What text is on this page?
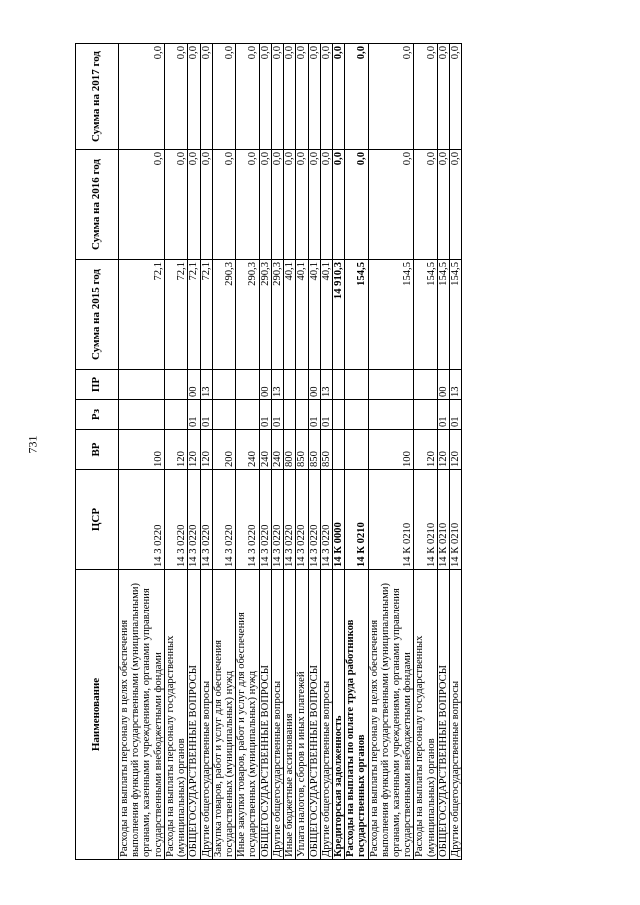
731
Наименование	ЦСР	ВР	Рз	ПР	Сумма на 2015 год	Сумма на 2016 год	Сумма на 2017 год
Расходы на выплаты персоналу в целях обеспечения выполнения функций государственными (муниципальными) органами, казенными учреждениями, органами управления государственными внебюджетными фондами	14 3 0220	100			72,1	0,0	0,0
Расходы на выплаты персоналу государственных (муниципальных) органов	14 3 0220	120			72,1	0,0	0,0
ОБЩЕГОСУДАРСТВЕННЫЕ ВОПРОСЫ	14 3 0220	120	01	00	72,1	0,0	0,0
Другие общегосударственные вопросы	14 3 0220	120	01	13	72,1	0,0	0,0
Закупка товаров, работ и услуг для обеспечения государственных (муниципальных) нужд	14 3 0220	200			290,3	0,0	0,0
Иные закупки товаров, работ и услуг для обеспечения государственных (муниципальных) нужд	14 3 0220	240			290,3	0,0	0,0
ОБЩЕГОСУДАРСТВЕННЫЕ ВОПРОСЫ	14 3 0220	240	01	00	290,3	0,0	0,0
Другие общегосударственные вопросы	14 3 0220	240	01	13	290,3	0,0	0,0
Иные бюджетные ассигнования	14 3 0220	800			40,1	0,0	0,0
Уплата налогов, сборов и иных платежей	14 3 0220	850			40,1	0,0	0,0
ОБЩЕГОСУДАРСТВЕННЫЕ ВОПРОСЫ	14 3 0220	850	01	00	40,1	0,0	0,0
Другие общегосударственные вопросы	14 3 0220	850	01	13	40,1	0,0	0,0
Кредиторская задолженность	14 К 0000				14 910,3	0,0	0,0
Расходы на выплаты по оплате труда работников государственных органов	14 К 0210				154,5	0,0	0,0
Расходы на выплаты персоналу в целях обеспечения выполнения функций государственными (муниципальными) органами, казенными учреждениями, органами управления государственными внебюджетными фондами	14 К 0210	100			154,5	0,0	0,0
Расходы на выплаты персоналу государственных (муниципальных) органов	14 К 0210	120			154,5	0,0	0,0
ОБЩЕГОСУДАРСТВЕННЫЕ ВОПРОСЫ	14 К 0210	120	01	00	154,5	0,0	0,0
Другие общегосударственные вопросы	14 К 0210	120	01	13	154,5	0,0	0,0
